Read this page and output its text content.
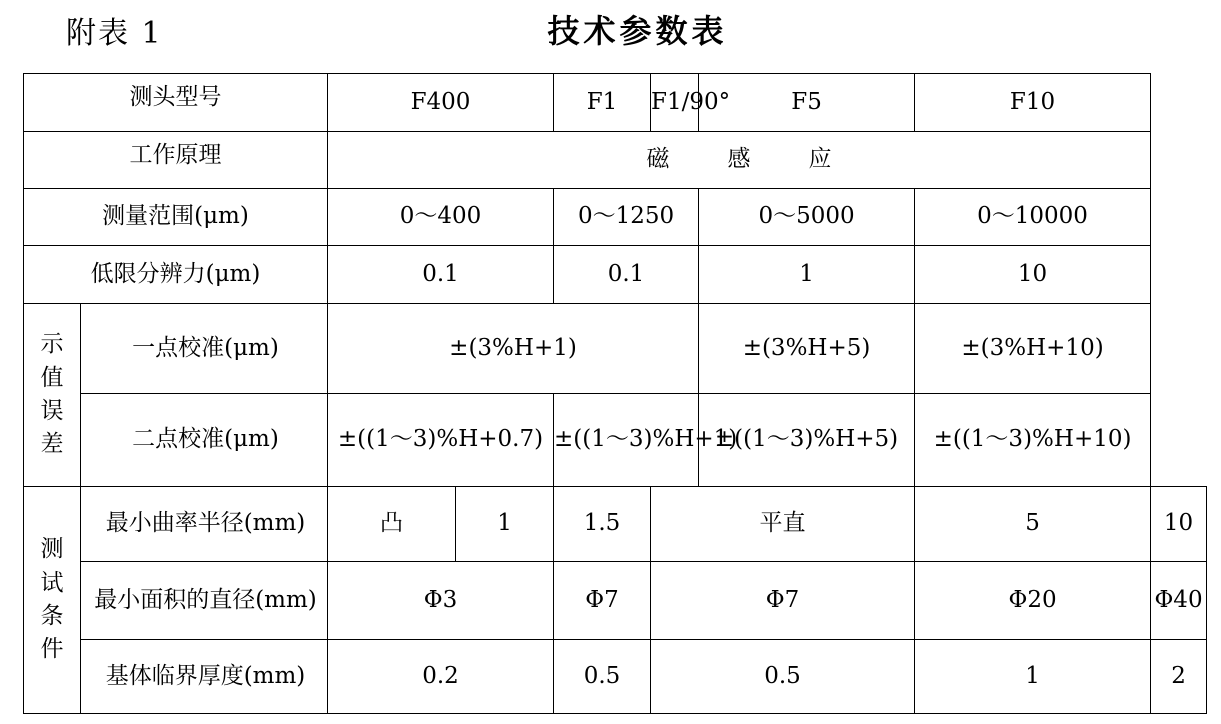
附表 1	技术参数表
测头型号		F400		F1	F1/90°	F5	F10	
工作原理		磁感应						
测量范围(μm)		0～400		0～1250		0～5000	0～10000	
低限分辨力(μm)		0.1		0.1		1	10	

示值误差	一点校准(μm)	±(3%H+1)				±(3%H+5)	±(3%H+10)	
	二点校准(μm)	±((1～3)%H+0.7)		±((1～3)%H+1)		±((1～3)%H+5)	±((1～3)%H+10)	

测试条件	最小曲率半径(mm)	凸	1	1.5	平直		5	10
	最小面积的直径(mm)	Φ3		Φ7	Φ7		Φ20	Φ40
	基体临界厚度(mm)	0.2		0.5	0.5		1	2
